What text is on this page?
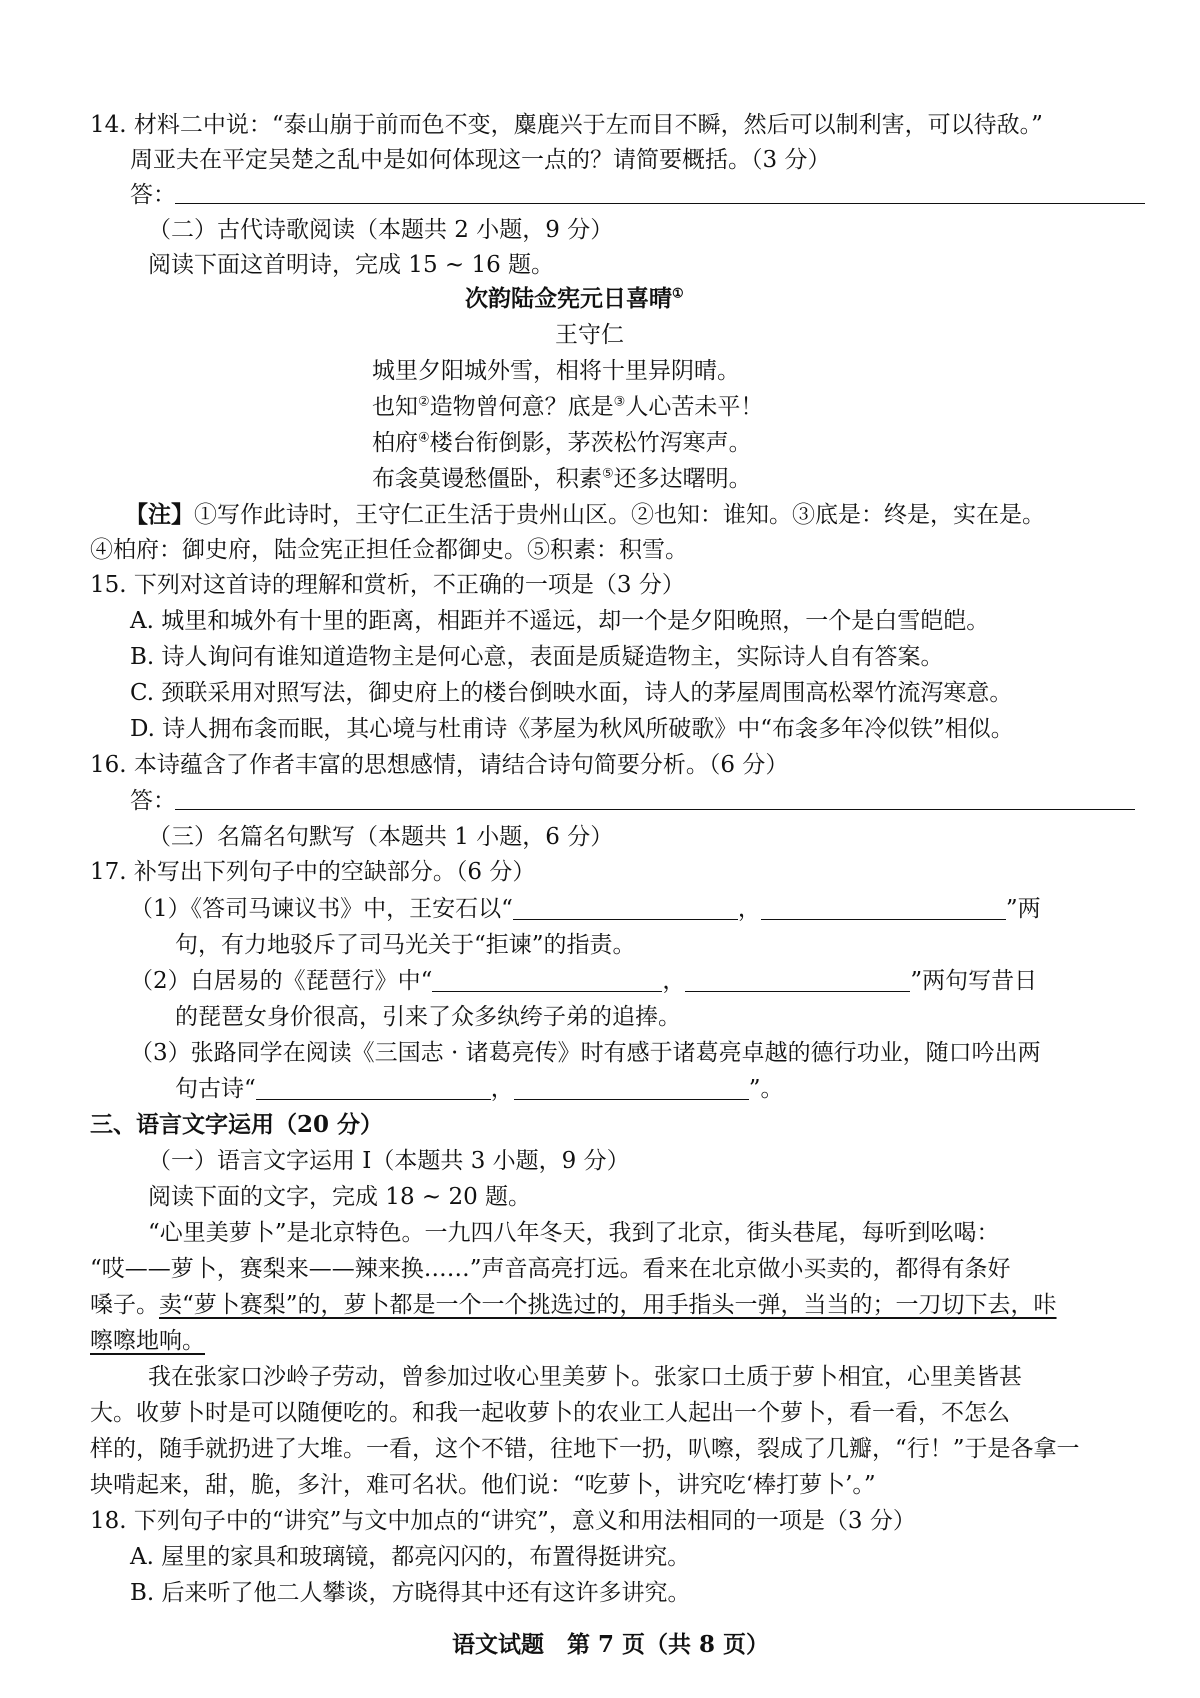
14. 材料二中说：“泰山崩于前而色不变，麋鹿兴于左而目不瞬，然后可以制利害，可以待敌。”
周亚夫在平定吴楚之乱中是如何体现这一点的？请简要概括。（3 分）
答：
（二）古代诗歌阅读（本题共 2 小题，9 分）
阅读下面这首明诗，完成 15 ~ 16 题。
次韵陆佥宪元日喜晴①
王守仁
城里夕阳城外雪，相将十里异阴晴。
也知②造物曾何意？底是③人心苦未平！
柏府④楼台衔倒影，茅茨松竹泻寒声。
布衾莫谩愁僵卧，积素⑤还多达曙明。
【注】①写作此诗时，王守仁正生活于贵州山区。②也知：谁知。③底是：终是，实在是。
④柏府：御史府，陆佥宪正担任佥都御史。⑤积素：积雪。
15. 下列对这首诗的理解和赏析，不正确的一项是（3 分）
A. 城里和城外有十里的距离，相距并不遥远，却一个是夕阳晚照，一个是白雪皑皑。
B. 诗人询问有谁知道造物主是何心意，表面是质疑造物主，实际诗人自有答案。
C. 颈联采用对照写法，御史府上的楼台倒映水面，诗人的茅屋周围高松翠竹流泻寒意。
D. 诗人拥布衾而眠，其心境与杜甫诗《茅屋为秋风所破歌》中“布衾多年冷似铁”相似。
16. 本诗蕴含了作者丰富的思想感情，请结合诗句简要分析。（6 分）
答：
（三）名篇名句默写（本题共 1 小题，6 分）
17. 补写出下列句子中的空缺部分。（6 分）
（1）《答司马谏议书》中，王安石以“	，	”两
句，有力地驳斥了司马光关于“拒谏”的指责。
（2）白居易的《琵琶行》中“	，	”两句写昔日
的琵琶女身价很高，引来了众多纨绔子弟的追捧。
（3）张路同学在阅读《三国志 · 诸葛亮传》时有感于诸葛亮卓越的德行功业，随口吟出两
句古诗“	，	”。
三、语言文字运用（20 分）
（一）语言文字运用 Ⅰ（本题共 3 小题，9 分）
阅读下面的文字，完成 18 ~ 20 题。
“心里美萝卜”是北京特色。一九四八年冬天，我到了北京，街头巷尾，每听到吆喝：
“哎——萝卜，赛梨来——辣来换……”声音高亮打远。看来在北京做小买卖的，都得有条好
嗓子。卖“萝卜赛梨”的，萝卜都是一个一个挑选过的，用手指头一弹，当当的；一刀切下去，咔
嚓嚓地响。
我在张家口沙岭子劳动，曾参加过收心里美萝卜。张家口土质于萝卜相宜，心里美皆甚
大。收萝卜时是可以随便吃的。和我一起收萝卜的农业工人起出一个萝卜，看一看，不怎么
样的，随手就扔进了大堆。一看，这个不错，往地下一扔，叭嚓，裂成了几瓣，“行！”于是各拿一
块啃起来，甜，脆，多汁，难可名状。他们说：“吃萝卜，讲究吃‘棒打萝卜’。”
18. 下列句子中的“讲究”与文中加点的“讲究”，意义和用法相同的一项是（3 分）
A. 屋里的家具和玻璃镜，都亮闪闪的，布置得挺讲究。
B. 后来听了他二人攀谈，方晓得其中还有这许多讲究。
语文试题　第 7 页（共 8 页）
